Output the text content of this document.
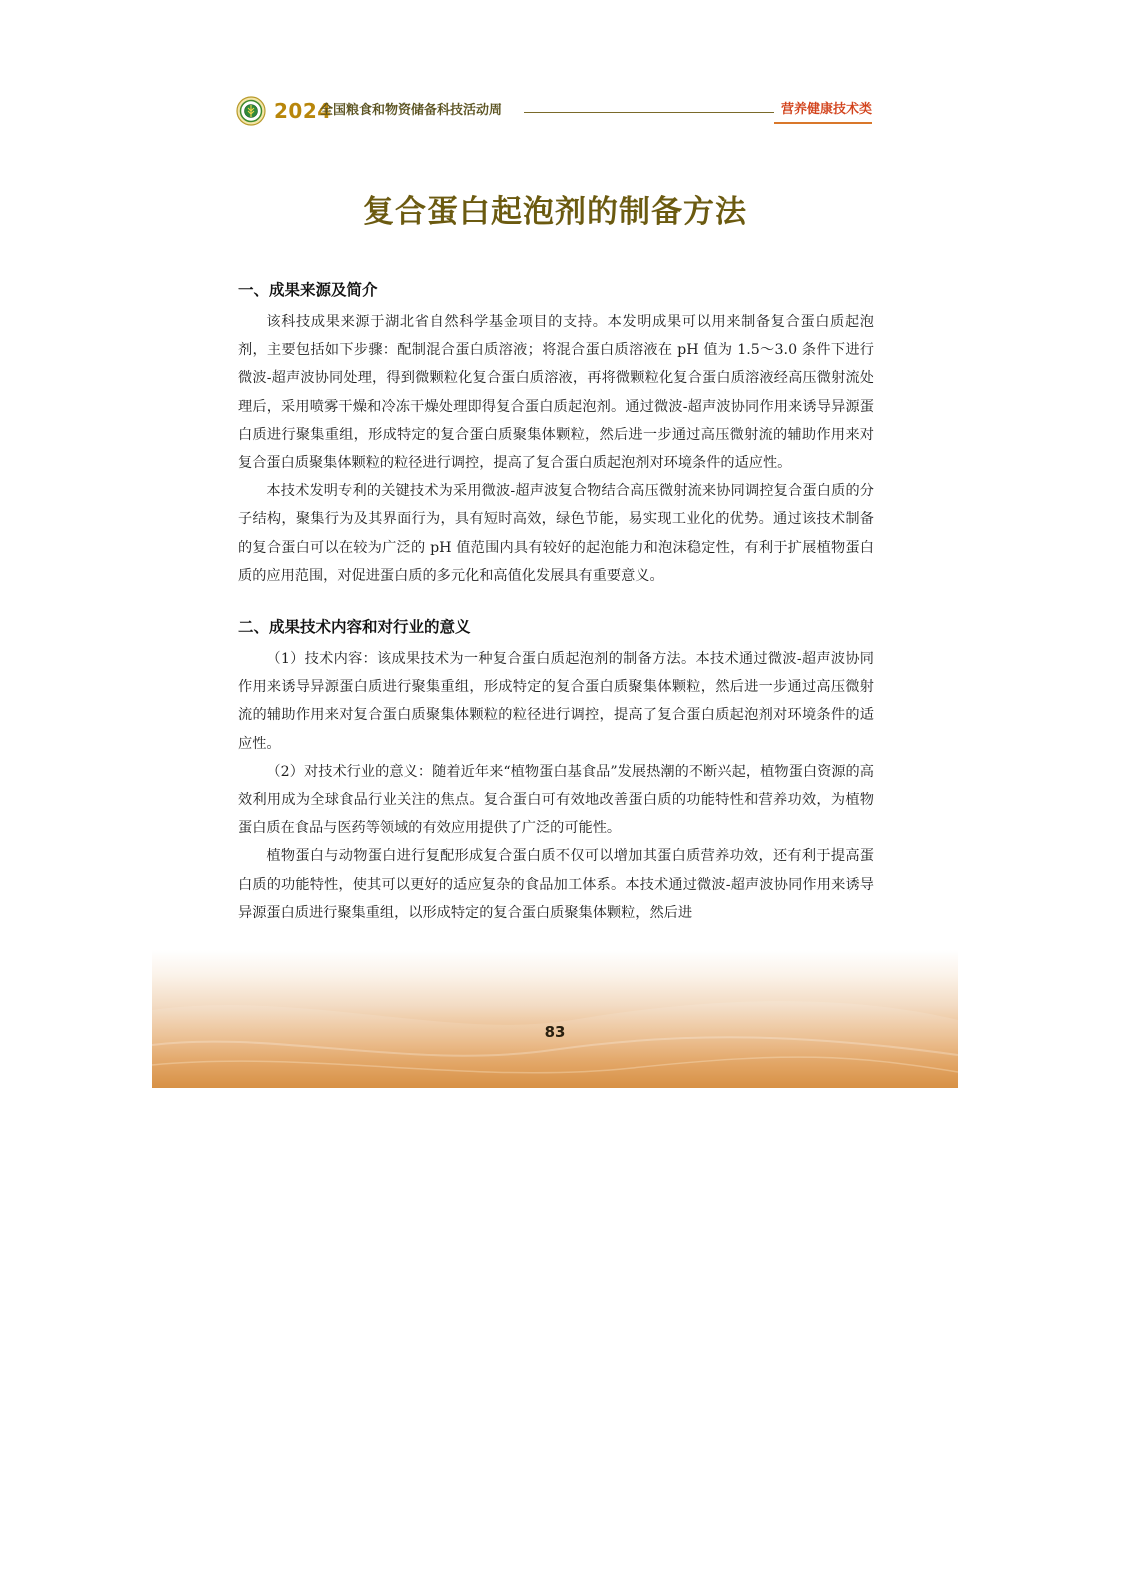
2024
全国粮食和物资储备科技活动周	营养健康技术类
复合蛋白起泡剂的制备方法
一、成果来源及简介

该科技成果来源于湖北省自然科学基金项目的支持。本发明成果可以用来制备复合蛋白质起泡剂，主要包括如下步骤：配制混合蛋白质溶液；将混合蛋白质溶液在 pH 值为 1.5～3.0 条件下进行微波-超声波协同处理，得到微颗粒化复合蛋白质溶液，再将微颗粒化复合蛋白质溶液经高压微射流处理后，采用喷雾干燥和冷冻干燥处理即得复合蛋白质起泡剂。通过微波-超声波协同作用来诱导异源蛋白质进行聚集重组，形成特定的复合蛋白质聚集体颗粒，然后进一步通过高压微射流的辅助作用来对复合蛋白质聚集体颗粒的粒径进行调控，提高了复合蛋白质起泡剂对环境条件的适应性。

本技术发明专利的关键技术为采用微波-超声波复合物结合高压微射流来协同调控复合蛋白质的分子结构，聚集行为及其界面行为，具有短时高效，绿色节能，易实现工业化的优势。通过该技术制备的复合蛋白可以在较为广泛的 pH 值范围内具有较好的起泡能力和泡沫稳定性，有利于扩展植物蛋白质的应用范围，对促进蛋白质的多元化和高值化发展具有重要意义。

二、成果技术内容和对行业的意义

（1）技术内容：该成果技术为一种复合蛋白质起泡剂的制备方法。本技术通过微波-超声波协同作用来诱导异源蛋白质进行聚集重组，形成特定的复合蛋白质聚集体颗粒，然后进一步通过高压微射流的辅助作用来对复合蛋白质聚集体颗粒的粒径进行调控，提高了复合蛋白质起泡剂对环境条件的适应性。

（2）对技术行业的意义：随着近年来“植物蛋白基食品”发展热潮的不断兴起，植物蛋白资源的高效利用成为全球食品行业关注的焦点。复合蛋白可有效地改善蛋白质的功能特性和营养功效，为植物蛋白质在食品与医药等领域的有效应用提供了广泛的可能性。

植物蛋白与动物蛋白进行复配形成复合蛋白质不仅可以增加其蛋白质营养功效，还有利于提高蛋白质的功能特性，使其可以更好的适应复杂的食品加工体系。本技术通过微波-超声波协同作用来诱导异源蛋白质进行聚集重组，以形成特定的复合蛋白质聚集体颗粒，然后进

83
